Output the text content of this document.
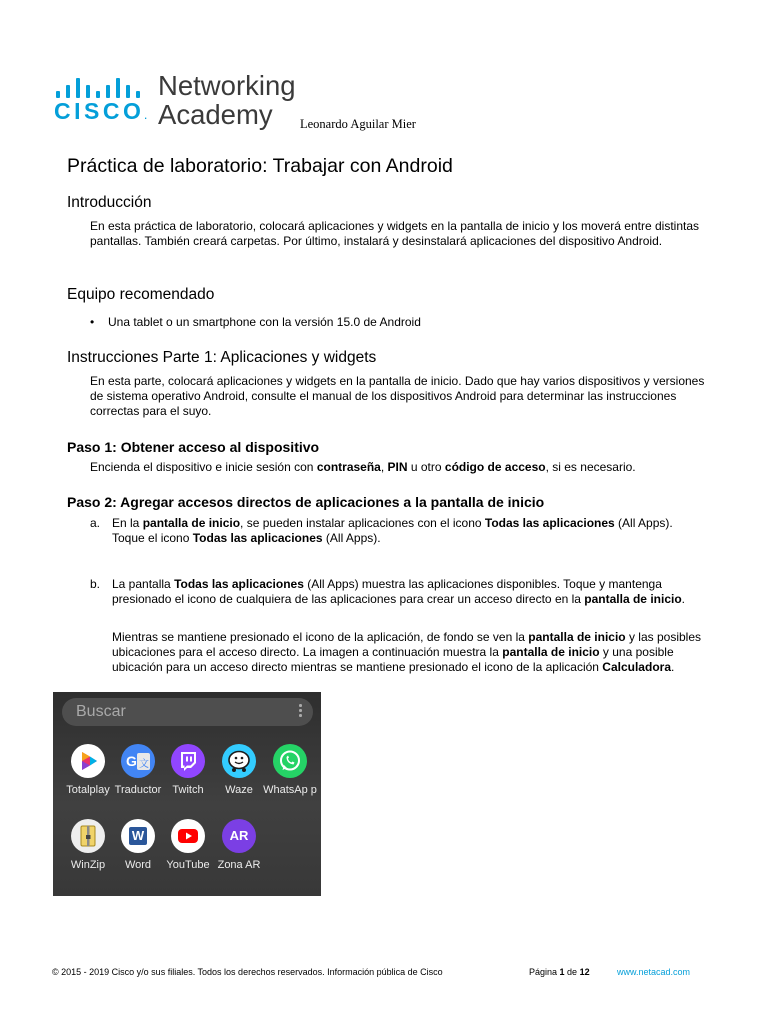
CISCO.
Networking
Academy Leonardo Aguilar Mier
Práctica de laboratorio: Trabajar con Android
Introducción
En esta práctica de laboratorio, colocará aplicaciones y widgets en la pantalla de inicio y los moverá entre distintas pantallas. También creará carpetas. Por último, instalará y desinstalará aplicaciones del dispositivo Android.
Equipo recomendado
• Una tablet o un smartphone con la versión 15.0 de Android
Instrucciones Parte 1: Aplicaciones y widgets
En esta parte, colocará aplicaciones y widgets en la pantalla de inicio. Dado que hay varios dispositivos y versiones de sistema operativo Android, consulte el manual de los dispositivos Android para determinar las instrucciones correctas para el suyo.
Paso 1: Obtener acceso al dispositivo
Encienda el dispositivo e inicie sesión con contraseña, PIN u otro código de acceso, si es necesario.
Paso 2: Agregar accesos directos de aplicaciones a la pantalla de inicio
a. En la pantalla de inicio, se pueden instalar aplicaciones con el icono Todas las aplicaciones (All Apps). Toque el icono Todas las aplicaciones (All Apps).
b. La pantalla Todas las aplicaciones (All Apps) muestra las aplicaciones disponibles. Toque y mantenga presionado el icono de cualquiera de las aplicaciones para crear un acceso directo en la pantalla de inicio.
Mientras se mantiene presionado el icono de la aplicación, de fondo se ven la pantalla de inicio y las posibles ubicaciones para el acceso directo. La imagen a continuación muestra la pantalla de inicio y una posible ubicación para un acceso directo mientras se mantiene presionado el icono de la aplicación Calculadora.
Buscar
Totalplay
G 文
Traductor	Twitch	Waze WhatsAp p
WinZip
W
Word	YouTube
AR
Zona AR
© 2015 - 2019 Cisco y/o sus filiales. Todos los derechos reservados. Información pública de Cisco	Página 1 de 12	www.netacad.com
